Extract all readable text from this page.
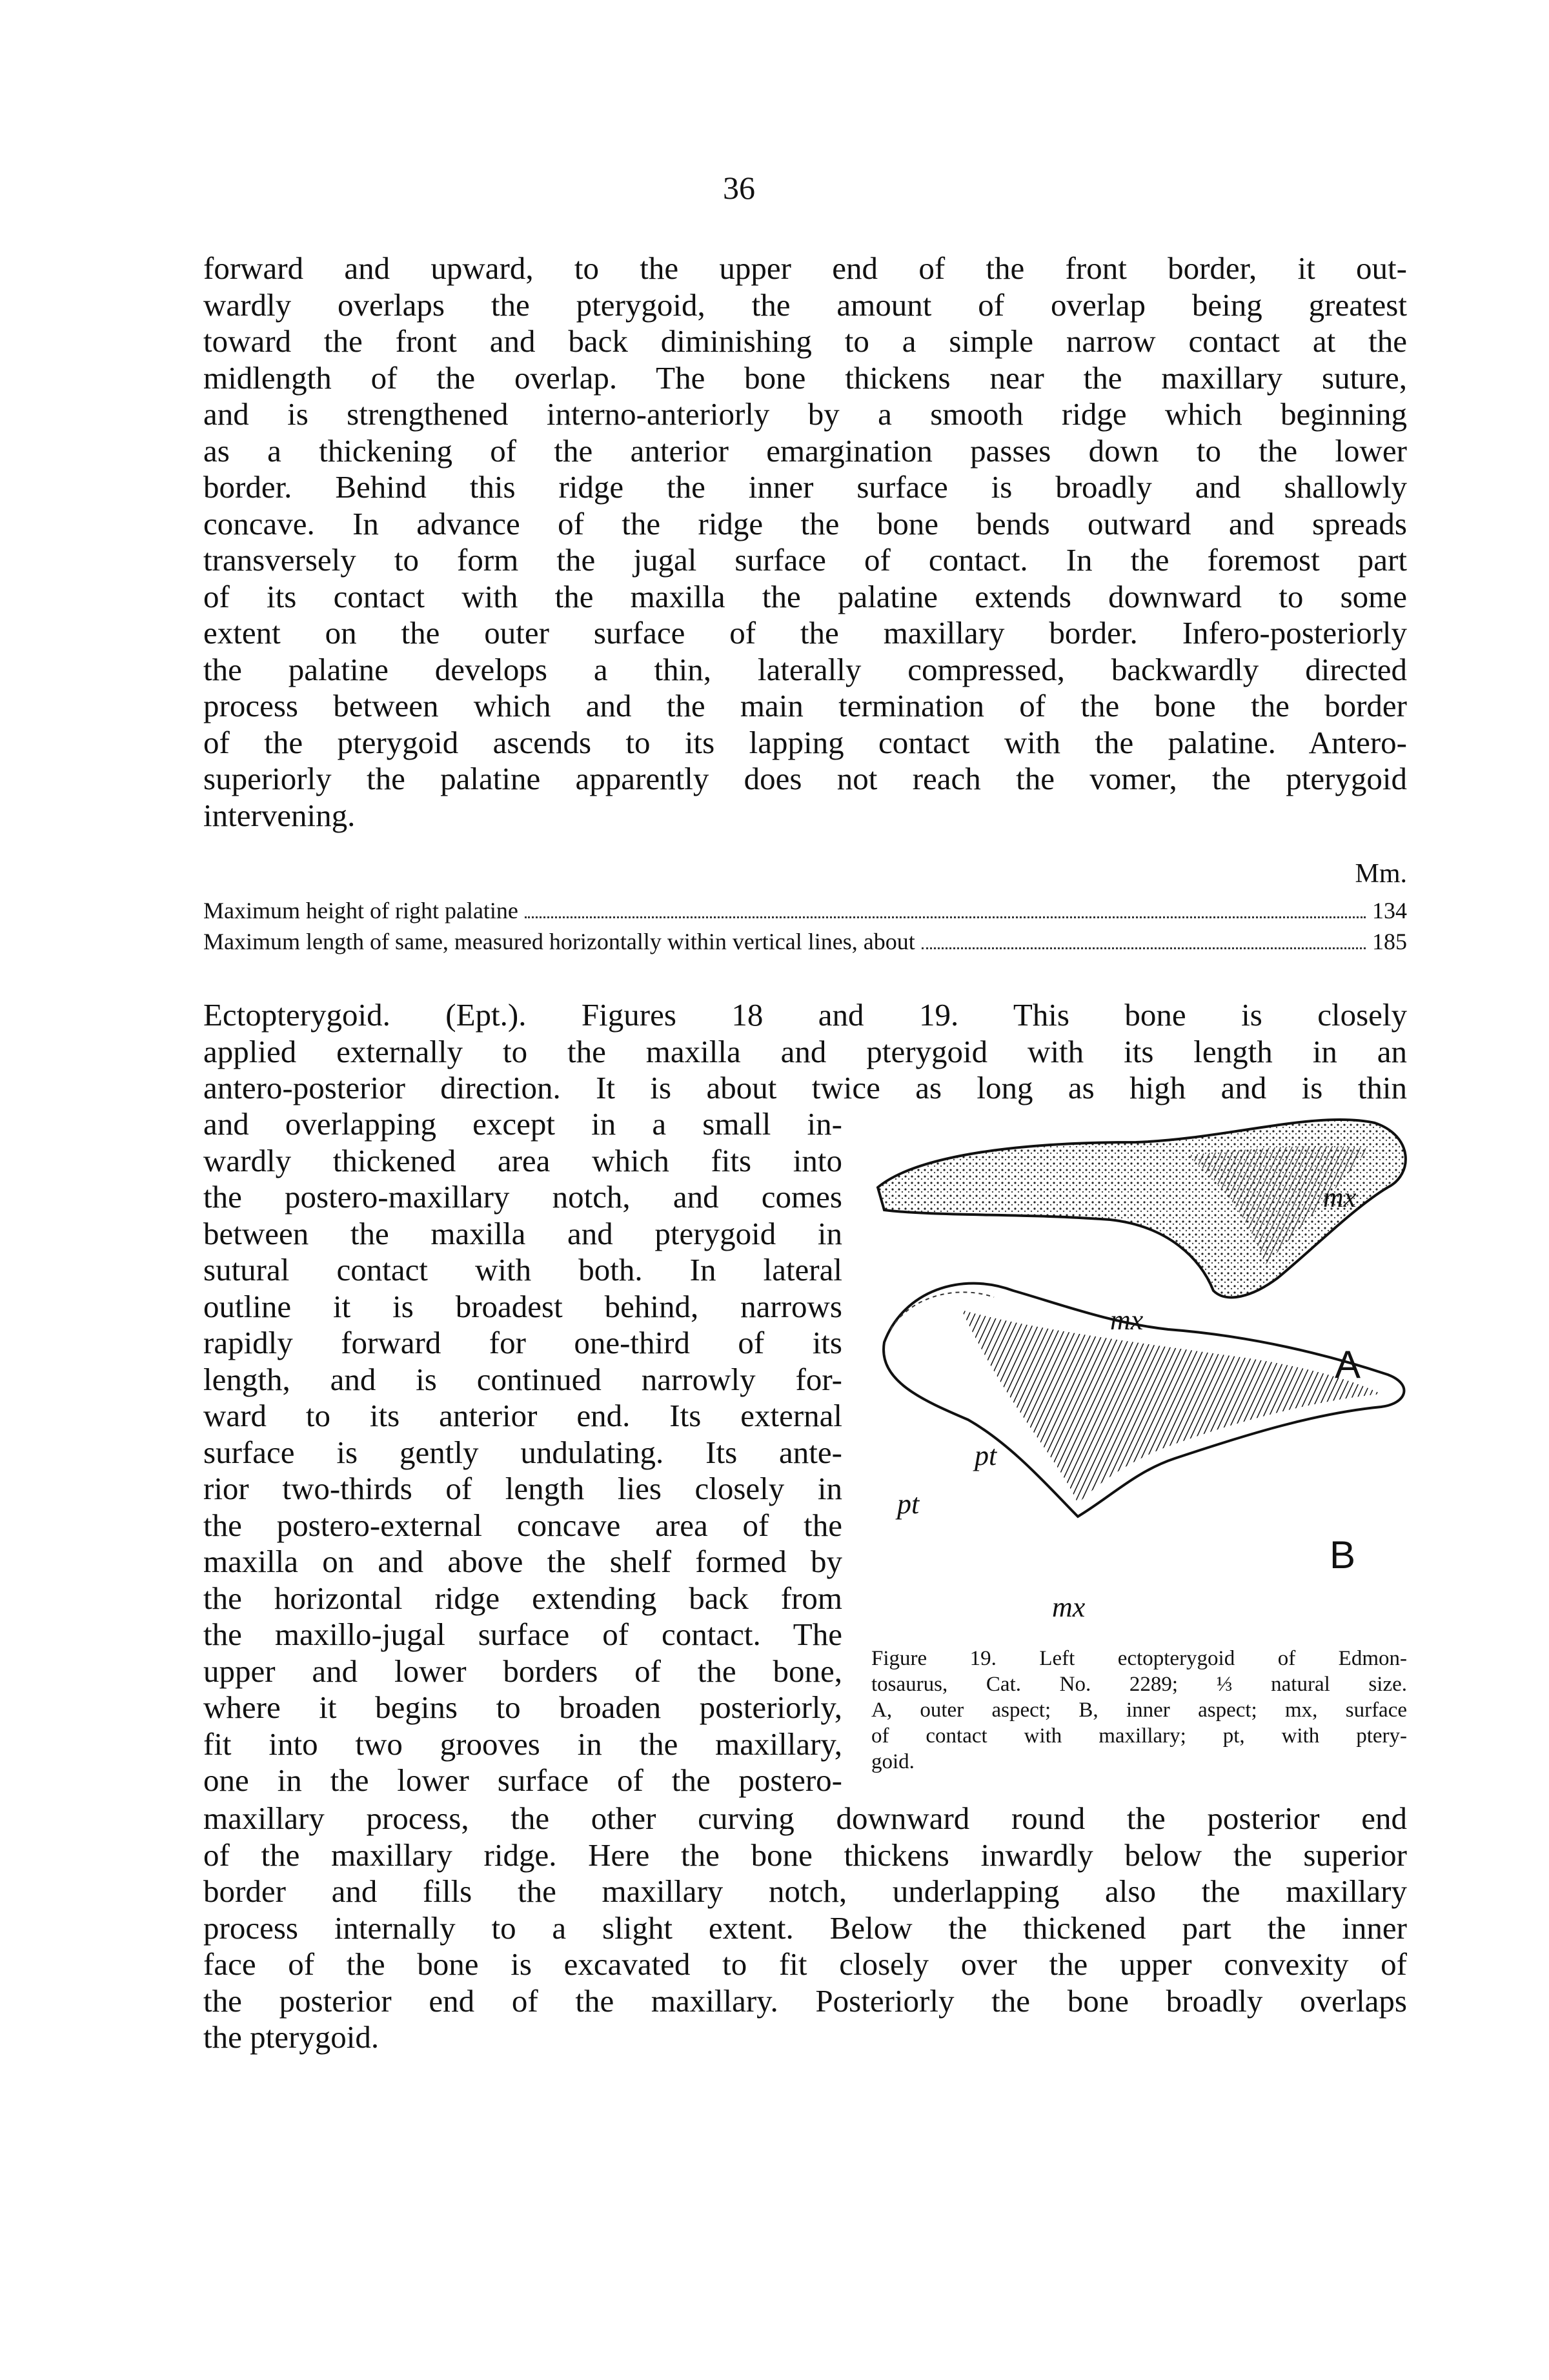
36
forward and upward, to the upper end of the front border, it out-
wardly overlaps the pterygoid, the amount of overlap being greatest
toward the front and back diminishing to a simple narrow contact at the
midlength of the overlap. The bone thickens near the maxillary suture,
and is strengthened interno-anteriorly by a smooth ridge which beginning
as a thickening of the anterior emargination passes down to the lower
border. Behind this ridge the inner surface is broadly and shallowly
concave. In advance of the ridge the bone bends outward and spreads
transversely to form the jugal surface of contact. In the foremost part
of its contact with the maxilla the palatine extends downward to some
extent on the outer surface of the maxillary border. Infero-posteriorly
the palatine develops a thin, laterally compressed, backwardly directed
process between which and the main termination of the bone the border
of the pterygoid ascends to its lapping contact with the palatine. Antero-
superiorly the palatine apparently does not reach the vomer, the pterygoid
intervening.
Mm.
Maximum height of right palatine	134
Maximum length of same, measured horizontally within vertical lines, about	185
Ectopterygoid. (Ept.). Figures 18 and 19. This bone is closely
applied externally to the maxilla and pterygoid with its length in an
antero-posterior direction. It is about twice as long as high and is thin
and overlapping except in a small in-
wardly thickened area which fits into
the postero-maxillary notch, and comes
between the maxilla and pterygoid in
sutural contact with both. In lateral
outline it is broadest behind, narrows
rapidly forward for one-third of its
length, and is continued narrowly for-
ward to its anterior end. Its external
surface is gently undulating. Its ante-
rior two-thirds of length lies closely in
the postero-external concave area of the
maxilla on and above the shelf formed by
the horizontal ridge extending back from
the maxillo-jugal surface of contact. The
upper and lower borders of the bone,
where it begins to broaden posteriorly,
fit into two grooves in the maxillary,
one in the lower surface of the postero-
maxillary process, the other curving downward round the posterior end
of the maxillary ridge. Here the bone thickens inwardly below the superior
border and fills the maxillary notch, underlapping also the maxillary
process internally to a slight extent. Below the thickened part the inner
face of the bone is excavated to fit closely over the upper convexity of
the posterior end of the maxillary. Posteriorly the bone broadly overlaps
the pterygoid.
mx
mx
A
pt
pt	mx
B
mx
Figure 19. Left ectopterygoid of Edmon-
tosaurus, Cat. No. 2289; ⅓ natural size.
A, outer aspect; B, inner aspect; mx, surface
of contact with maxillary; pt, with ptery-
goid.
